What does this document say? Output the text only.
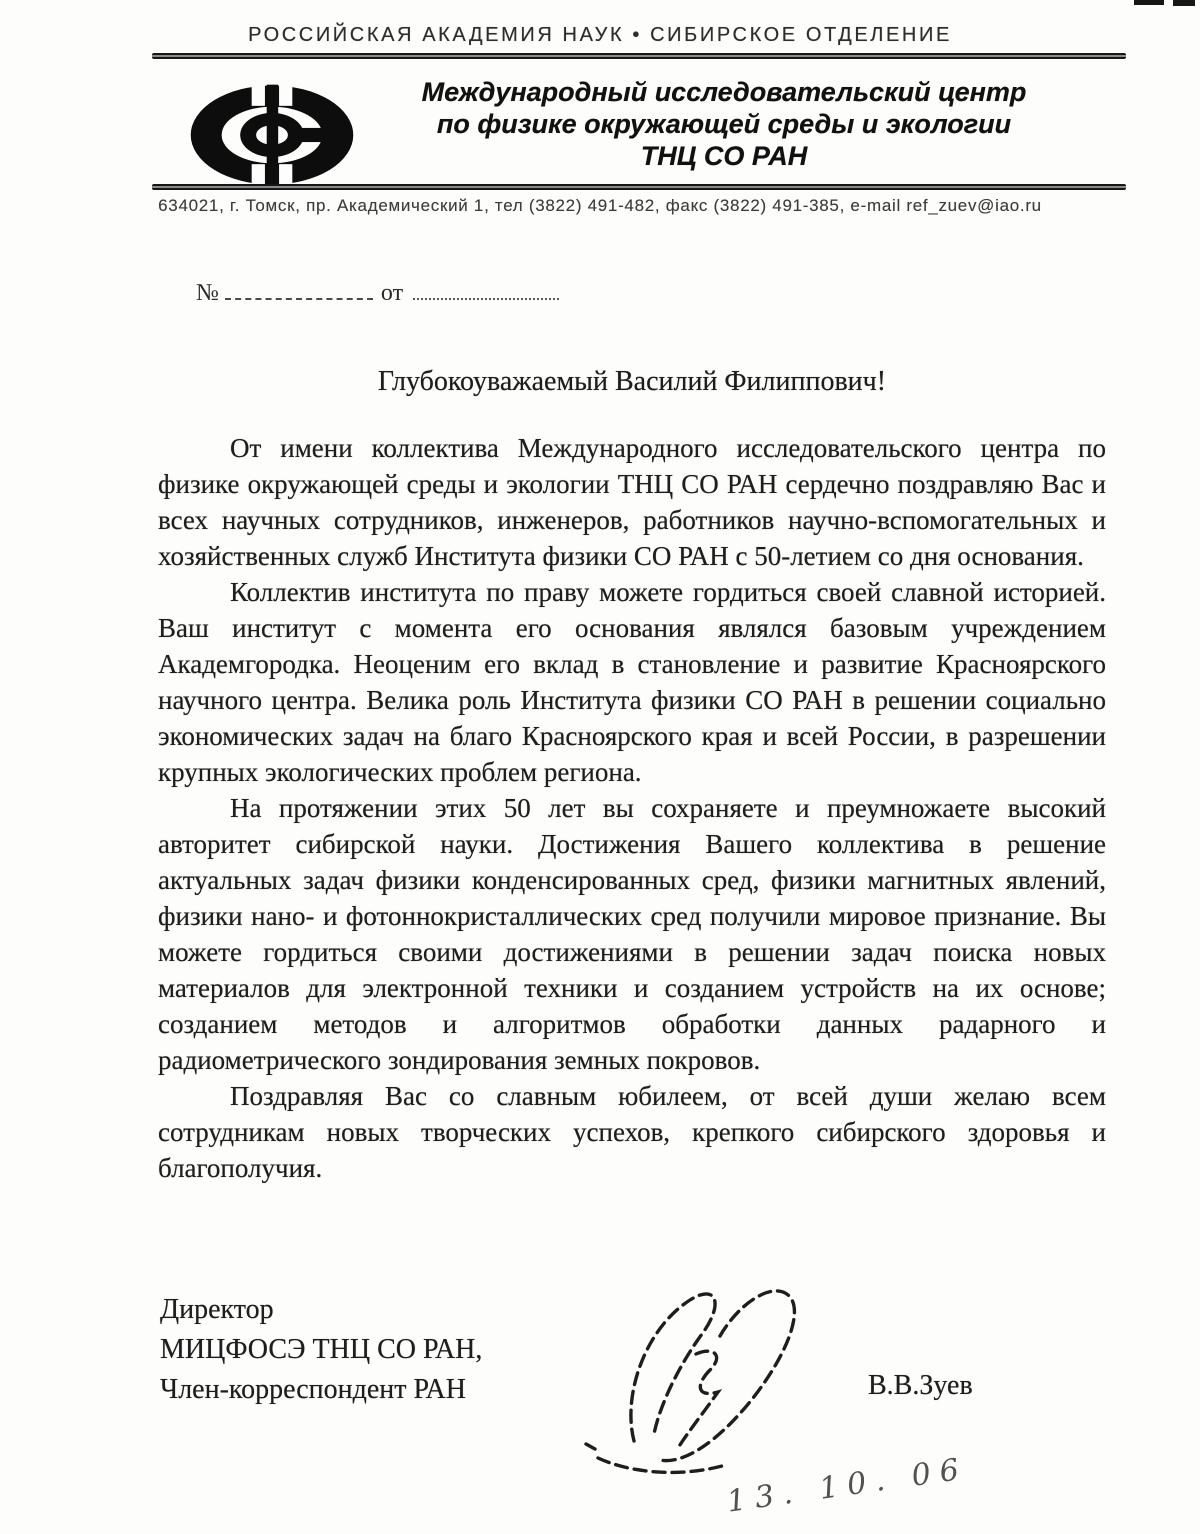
РОССИЙСКАЯ АКАДЕМИЯ НАУК • СИБИРСКОЕ ОТДЕЛЕНИЕ
Международный исследовательский центр
по физике окружающей среды и экологии
ТНЦ СО РАН
634021, г. Томск, пр. Академический 1, тел (3822) 491-482, факс (3822) 491-385, e-mail ref_zuev@iao.ru
№	от
Глубокоуважаемый Василий Филиппович!

От имени коллектива Международного исследовательского центра по физике окружающей среды и экологии ТНЦ СО РАН сердечно поздравляю Вас и всех научных сотрудников, инженеров, работников научно-вспомогательных и хозяйственных служб Института физики СО РАН с 50-летием со дня основания.

Коллектив института по праву можете гордиться своей славной историей. Ваш институт с момента его основания являлся базовым учреждением Академгородка. Неоценим его вклад в становление и развитие Красноярского научного центра. Велика роль Института физики СО РАН в решении социально экономических задач на благо Красноярского края и всей России, в разрешении крупных экологических проблем региона.

На протяжении этих 50 лет вы сохраняете и преумножаете высокий авторитет сибирской науки. Достижения Вашего коллектива в решение актуальных задач физики конденсированных сред, физики магнитных явлений, физики нано- и фотоннокристаллических сред получили мировое признание. Вы можете гордиться своими достижениями в решении задач поиска новых материалов для электронной техники и созданием устройств на их основе; созданием методов и алгоритмов обработки данных радарного и радиометрического зондирования земных покровов.

Поздравляя Вас со славным юбилеем, от всей души желаю всем сотрудникам новых творческих успехов, крепкого сибирского здоровья и благополучия.

Директор
МИЦФОСЭ ТНЦ СО РАН,
Член-корреспондент РАН	В.В.Зуев
13. 10. 06
